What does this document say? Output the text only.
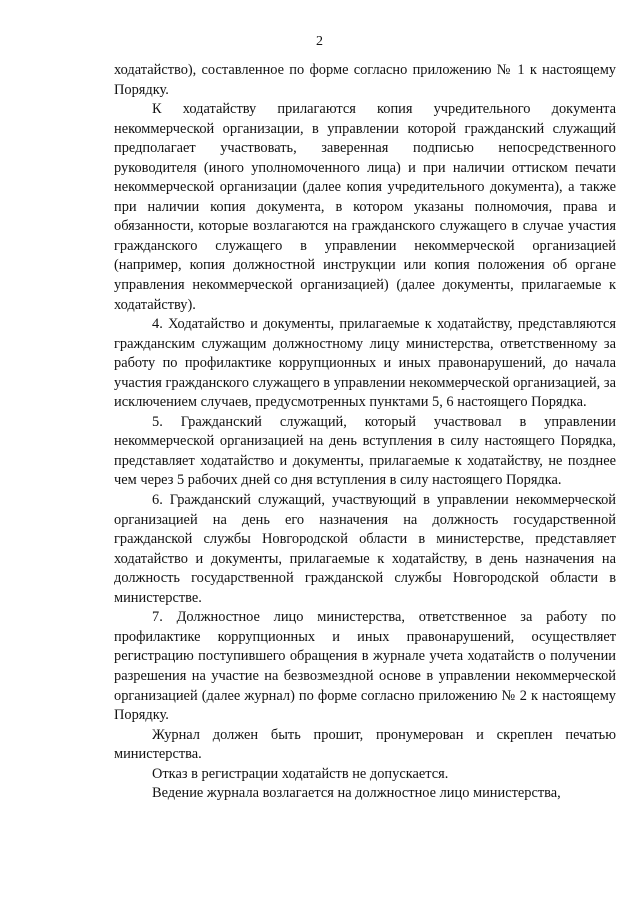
2

ходатайство), составленное по форме согласно приложению № 1 к настоящему Порядку.

К ходатайству прилагаются копия учредительного документа некоммерческой организации, в управлении которой гражданский служащий предполагает участвовать, заверенная подписью непосредственного руководителя (иного уполномоченного лица) и при наличии оттиском печати некоммерческой организации (далее копия учредительного документа), а также при наличии копия документа, в котором указаны полномочия, права и обязанности, которые возлагаются на гражданского служащего в случае участия гражданского служащего в управлении некоммерческой организацией (например, копия должностной инструкции или копия положения об органе управления некоммерческой организацией) (далее документы, прилагаемые к ходатайству).

4. Ходатайство и документы, прилагаемые к ходатайству, представляются гражданским служащим должностному лицу министерства, ответственному за работу по профилактике коррупционных и иных правонарушений, до начала участия гражданского служащего в управлении некоммерческой организацией, за исключением случаев, предусмотренных пунктами 5, 6 настоящего Порядка.

5. Гражданский служащий, который участвовал в управлении некоммерческой организацией на день вступления в силу настоящего Порядка, представляет ходатайство и документы, прилагаемые к ходатайству, не позднее чем через 5 рабочих дней со дня вступления в силу настоящего Порядка.

6. Гражданский служащий, участвующий в управлении некоммерческой организацией на день его назначения на должность государственной гражданской службы Новгородской области в министерстве, представляет ходатайство и документы, прилагаемые к ходатайству, в день назначения на должность государственной гражданской службы Новгородской области в министерстве.

7. Должностное лицо министерства, ответственное за работу по профилактике коррупционных и иных правонарушений, осуществляет регистрацию поступившего обращения в журнале учета ходатайств о получении разрешения на участие на безвозмездной основе в управлении некоммерческой организацией (далее журнал) по форме согласно приложению № 2 к настоящему Порядку.

Журнал должен быть прошит, пронумерован и скреплен печатью министерства.

Отказ в регистрации ходатайств не допускается.

Ведение журнала возлагается на должностное лицо министерства,
